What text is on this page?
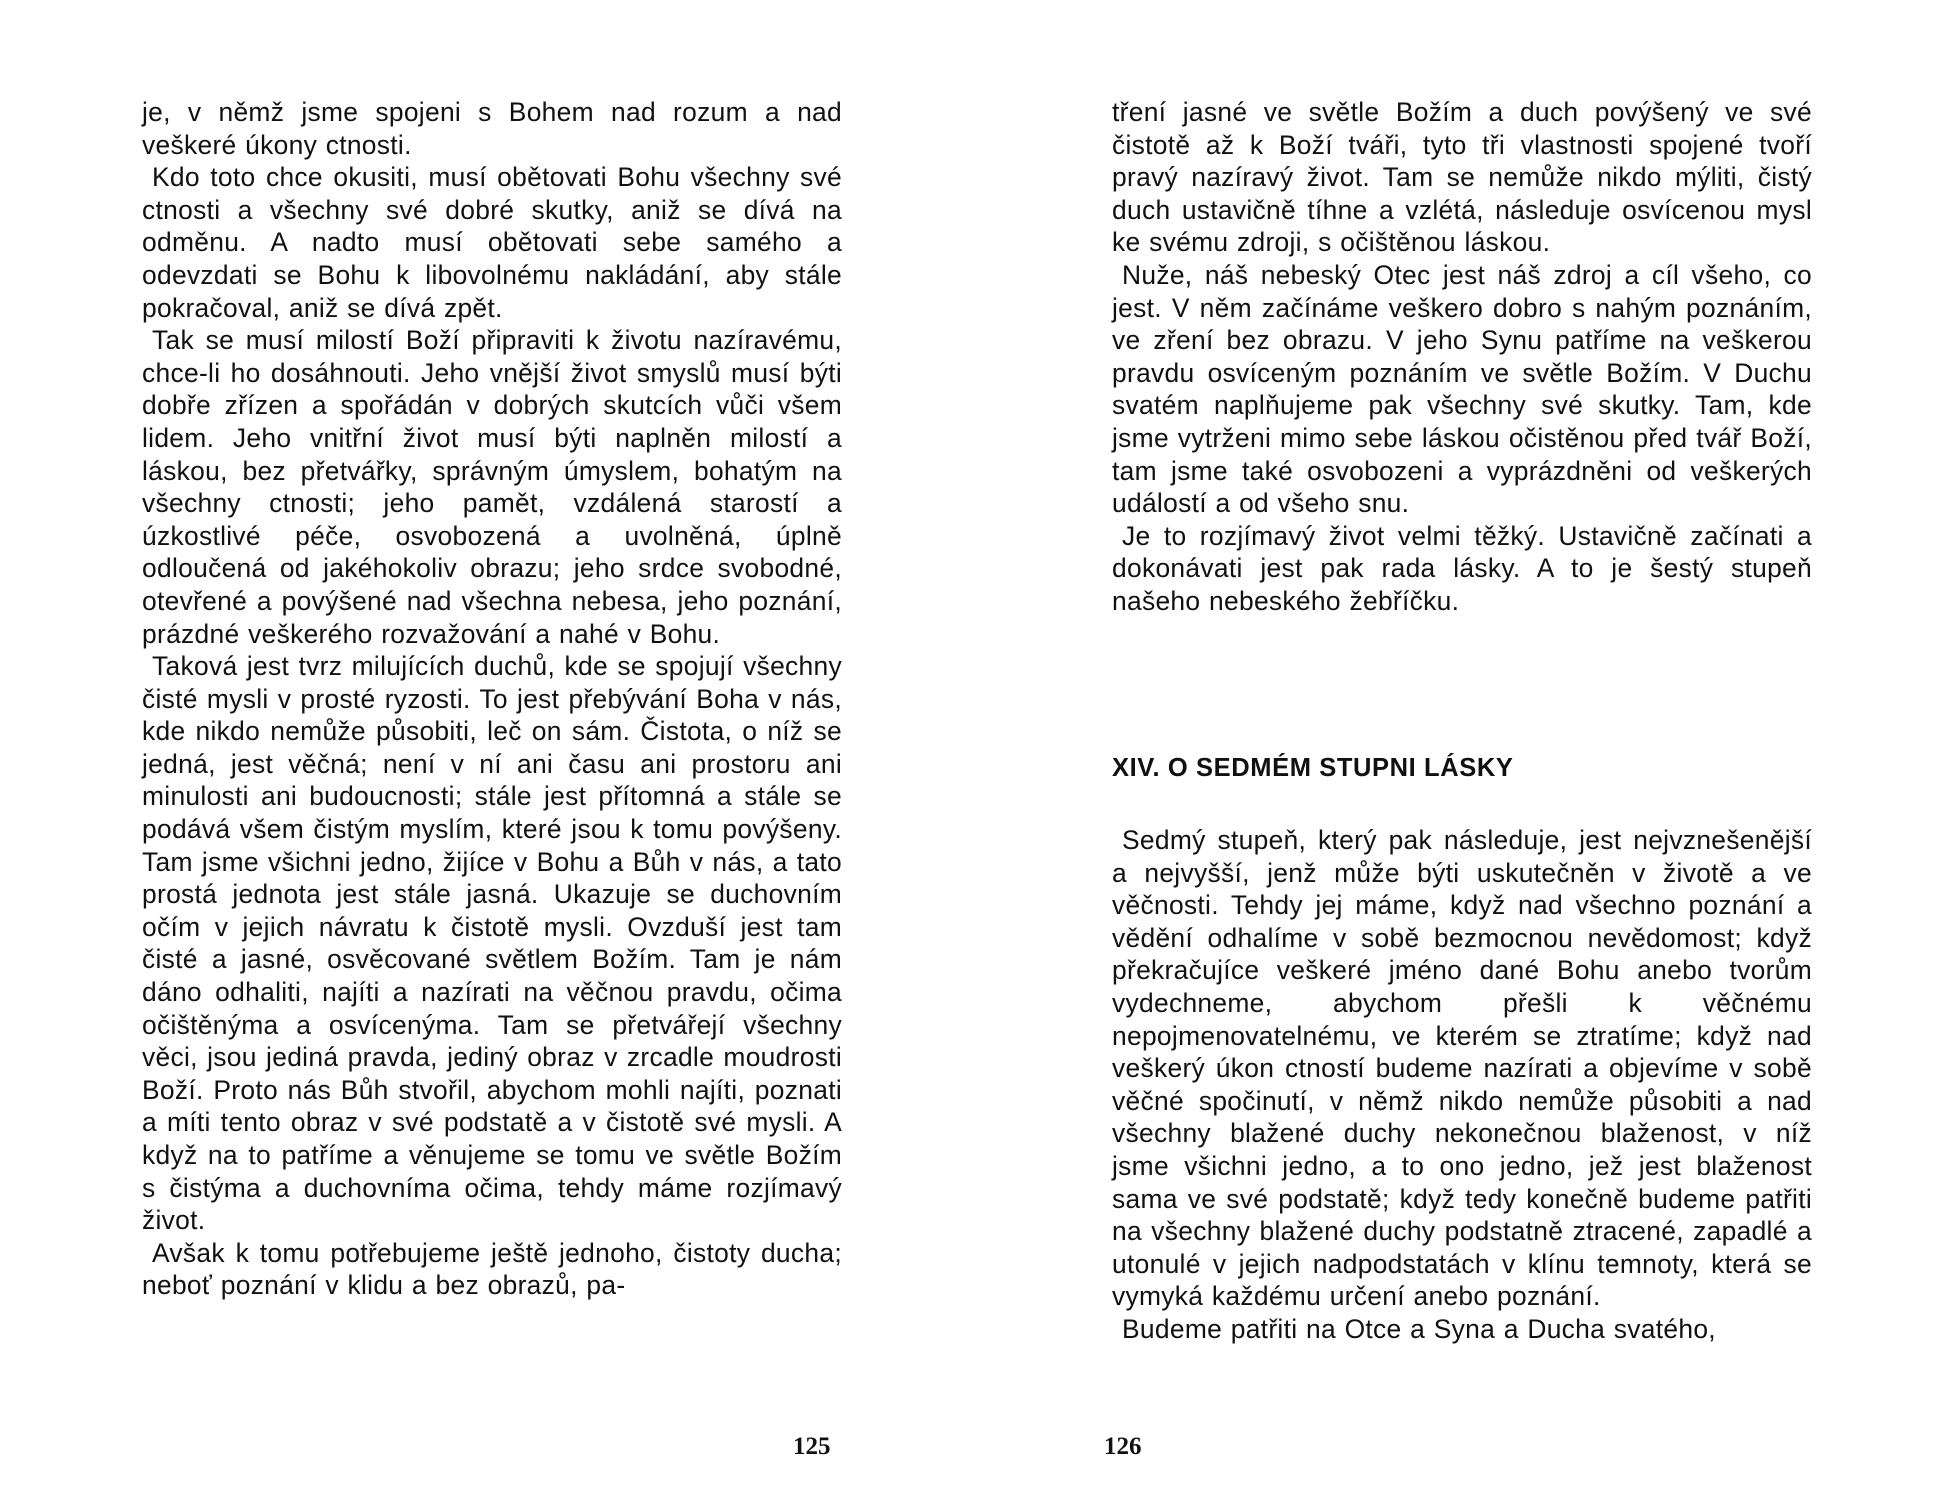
je, v němž jsme spojeni s Bohem nad rozum a nad veškeré úkony ctnosti.

Kdo toto chce okusiti, musí obětovati Bohu všechny své ctnosti a všechny své dobré skutky, aniž se dívá na odměnu. A nadto musí obětovati sebe samého a odevzdati se Bohu k libovolnému nakládání, aby stále pokračoval, aniž se dívá zpět.

Tak se musí milostí Boží připraviti k životu nazíravému, chce-li ho dosáhnouti. Jeho vnější život smyslů musí býti dobře zřízen a spořádán v dobrých skutcích vůči všem lidem. Jeho vnitřní život musí býti naplněn milostí a láskou, bez přetvářky, správným úmyslem, bohatým na všechny ctnosti; jeho pamět, vzdálená starostí a úzkostlivé péče, osvobozená a uvolněná, úplně odloučená od jakéhokoliv obrazu; jeho srdce svobodné, otevřené a povýšené nad všechna nebesa, jeho poznání, prázdné veškerého rozvažování a nahé v Bohu.

Taková jest tvrz milujících duchů, kde se spojují všechny čisté mysli v prosté ryzosti. To jest přebývání Boha v nás, kde nikdo nemůže působiti, leč on sám. Čistota, o níž se jedná, jest věčná; není v ní ani času ani prostoru ani minulosti ani budoucnosti; stále jest přítomná a stále se podává všem čistým myslím, které jsou k tomu povýšeny. Tam jsme všichni jedno, žijíce v Bohu a Bůh v nás, a tato prostá jednota jest stále jasná. Ukazuje se duchovním očím v jejich návratu k čistotě mysli. Ovzduší jest tam čisté a jasné, osvěcované světlem Božím. Tam je nám dáno odhaliti, najíti a nazírati na věčnou pravdu, očima očištěnýma a osvícenýma. Tam se přetvářejí všechny věci, jsou jediná pravda, jediný obraz v zrcadle moudrosti Boží. Proto nás Bůh stvořil, abychom mohli najíti, poznati a míti tento obraz v své podstatě a v čistotě své mysli. A když na to patříme a věnujeme se tomu ve světle Božím s čistýma a duchovníma očima, tehdy máme rozjímavý život.

Avšak k tomu potřebujeme ještě jednoho, čistoty ducha; neboť poznání v klidu a bez obrazů, pa-

125

tření jasné ve světle Božím a duch povýšený ve své čistotě až k Boží tváři, tyto tři vlastnosti spojené tvoří pravý nazíravý život. Tam se nemůže nikdo mýliti, čistý duch ustavičně tíhne a vzlétá, následuje osvícenou mysl ke svému zdroji, s očištěnou láskou.

Nuže, náš nebeský Otec jest náš zdroj a cíl všeho, co jest. V něm začínáme veškero dobro s nahým poznáním, ve zření bez obrazu. V jeho Synu patříme na veškerou pravdu osvíceným poznáním ve světle Božím. V Duchu svatém naplňujeme pak všechny své skutky. Tam, kde jsme vytrženi mimo sebe láskou očistěnou před tvář Boží, tam jsme také osvobozeni a vyprázdněni od veškerých událostí a od všeho snu.

Je to rozjímavý život velmi těžký. Ustavičně začínati a dokonávati jest pak rada lásky. A to je šestý stupeň našeho nebeského žebříčku.

XIV. O SEDMÉM STUPNI LÁSKY

Sedmý stupeň, který pak následuje, jest nejvznešenější a nejvyšší, jenž může býti uskutečněn v životě a ve věčnosti. Tehdy jej máme, když nad všechno poznání a vědění odhalíme v sobě bezmocnou nevědomost; když překračujíce veškeré jméno dané Bohu anebo tvorům vydechneme, abychom přešli k věčnému nepojmenovatelnému, ve kterém se ztratíme; když nad veškerý úkon ctností budeme nazírati a objevíme v sobě věčné spočinutí, v němž nikdo nemůže působiti a nad všechny blažené duchy nekonečnou blaženost, v níž jsme všichni jedno, a to ono jedno, jež jest blaženost sama ve své podstatě; když tedy konečně budeme patřiti na všechny blažené duchy podstatně ztracené, zapadlé a utonulé v jejich nadpodstatách v klínu temnoty, která se vymyká každému určení anebo poznání.

Budeme patřiti na Otce a Syna a Ducha svatého,

126
